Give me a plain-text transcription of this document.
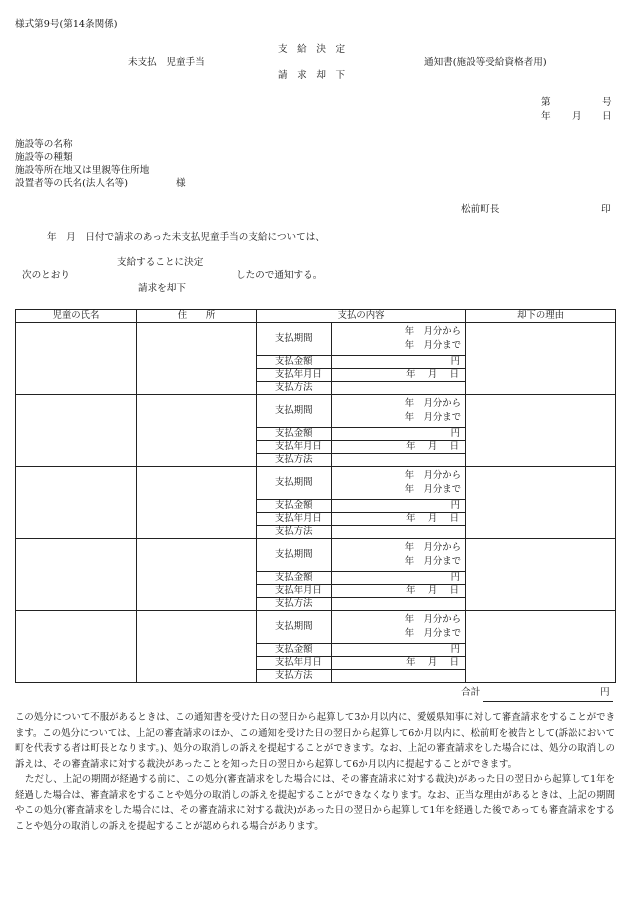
様式第9号(第14条関係)
支　給　決　定
未支払　児童手当	通知書(施設等受給資格者用)
請　求　却　下
第	号
年 月 日
施設等の名称
施設等の種類
施設等所在地又は里親等住所地
設置者等の氏名(法人名等)	様
松前町長	印
年　月　日付で請求のあった未支払児童手当の支給については、
支給することに決定
次のとおり	したので通知する。
請求を却下
児童の氏名	住　　所	支払の内容		却下の理由
		支払期間	年　月分から
年　月分まで	

		支払金額	円	
		支払年月日	年　 月　 日	
		支払方法		
		支払期間	年　月分から
年　月分まで	

		支払金額	円	
		支払年月日	年　 月　 日	
		支払方法		
		支払期間	年　月分から
年　月分まで	

		支払金額	円	
		支払年月日	年　 月　 日	
		支払方法		
		支払期間	年　月分から
年　月分まで	

		支払金額	円	
		支払年月日	年　 月　 日	
		支払方法		
		支払期間	年　月分から
年　月分まで	

		支払金額	円	
		支払年月日	年　 月　 日	
		支払方法		
合計	円
この処分について不服があるときは、この通知書を受けた日の翌日から起算して3か月以内に、愛媛県知事に対して審査請求をすることができます。この処分については、上記の審査請求のほか、この通知を受けた日の翌日から起算して6か月以内に、松前町を被告として(訴訟において町を代表する者は町長となります。)、処分の取消しの訴えを提起することができます。なお、上記の審査請求をした場合には、処分の取消しの訴えは、その審査請求に対する裁決があったことを知った日の翌日から起算して6か月以内に提起することができます。
ただし、上記の期間が経過する前に、この処分(審査請求をした場合には、その審査請求に対する裁決)があった日の翌日から起算して1年を経過した場合は、審査請求をすることや処分の取消しの訴えを提起することができなくなります。なお、正当な理由があるときは、上記の期間やこの処分(審査請求をした場合には、その審査請求に対する裁決)があった日の翌日から起算して1年を経過した後であっても審査請求をすることや処分の取消しの訴えを提起することが認められる場合があります。
